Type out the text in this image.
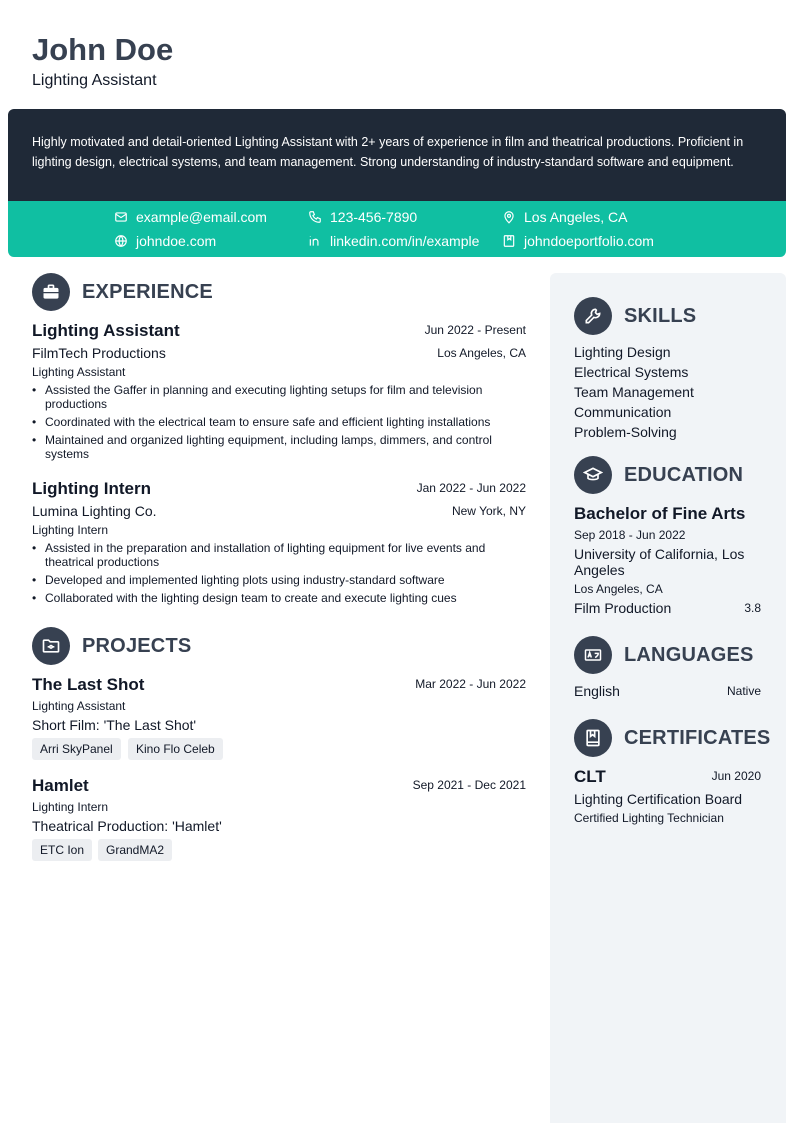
John Doe
Lighting Assistant
Highly motivated and detail-oriented Lighting Assistant with 2+ years of experience in film and theatrical productions. Proficient in lighting design, electrical systems, and team management. Strong understanding of industry-standard software and equipment.
example@email.com	123-456-7890	Los Angeles, CA
johndoe.com	linkedin.com/in/example	johndoeportfolio.com
EXPERIENCE
Lighting Assistant	Jun 2022 - Present
FilmTech Productions	Los Angeles, CA
Lighting Assistant
• Assisted the Gaffer in planning and executing lighting setups for film and television productions
• Coordinated with the electrical team to ensure safe and efficient lighting installations
• Maintained and organized lighting equipment, including lamps, dimmers, and control systems
Lighting Intern	Jan 2022 - Jun 2022
Lumina Lighting Co.	New York, NY
Lighting Intern
• Assisted in the preparation and installation of lighting equipment for live events and theatrical productions
• Developed and implemented lighting plots using industry-standard software
• Collaborated with the lighting design team to create and execute lighting cues
PROJECTS
The Last Shot	Mar 2022 - Jun 2022
Lighting Assistant
Short Film: 'The Last Shot'
Arri SkyPanel	Kino Flo Celeb
Hamlet	Sep 2021 - Dec 2021
Lighting Intern
Theatrical Production: 'Hamlet'
ETC Ion	GrandMA2
SKILLS
Lighting Design
Electrical Systems
Team Management
Communication
Problem-Solving
EDUCATION
Bachelor of Fine Arts
Sep 2018 - Jun 2022
University of California, Los Angeles
Los Angeles, CA
Film Production	3.8
LANGUAGES
English	Native
CERTIFICATES
CLT	Jun 2020
Lighting Certification Board
Certified Lighting Technician
